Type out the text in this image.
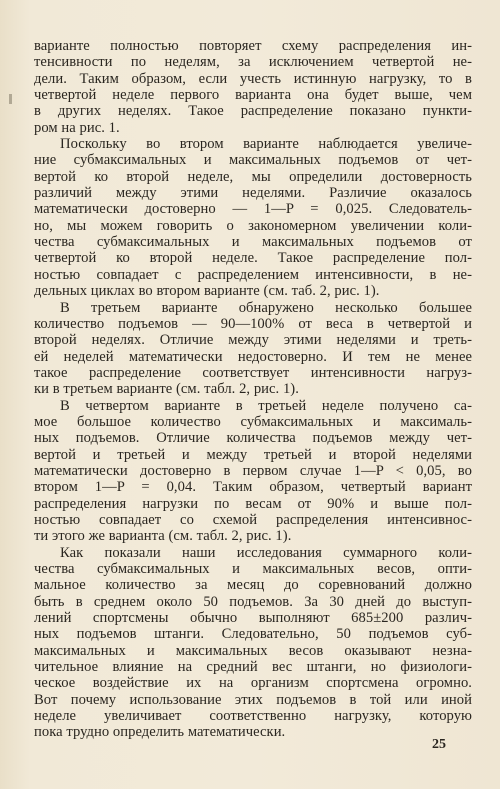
варианте полностью повторяет схему распределения ин-
тенсивности по неделям, за исключением четвертой не-
дели. Таким образом, если учесть истинную нагрузку, то в
четвертой неделе первого варианта она будет выше, чем
в других неделях. Такое распределение показано пункти-
ром на рис. 1.
Поскольку во втором варианте наблюдается увеличе-
ние субмаксимальных и максимальных подъемов от чет-
вертой ко второй неделе, мы определили достоверность
различий между этими неделями. Различие оказалось
математически достоверно — 1—P = 0,025. Следователь-
но, мы можем говорить о закономерном увеличении коли-
чества субмаксимальных и максимальных подъемов от
четвертой ко второй неделе. Такое распределение пол-
ностью совпадает с распределением интенсивности, в не-
дельных циклах во втором варианте (см. таб. 2, рис. 1).
В третьем варианте обнаружено несколько большее
количество подъемов — 90—100% от веса в четвертой и
второй неделях. Отличие между этими неделями и треть-
ей неделей математически недостоверно. И тем не менее
такое распределение соответствует интенсивности нагруз-
ки в третьем варианте (см. табл. 2, рис. 1).
В четвертом варианте в третьей неделе получено са-
мое большое количество субмаксимальных и максималь-
ных подъемов. Отличие количества подъемов между чет-
вертой и третьей и между третьей и второй неделями
математически достоверно в первом случае 1—P < 0,05, во
втором 1—P = 0,04. Таким образом, четвертый вариант
распределения нагрузки по весам от 90% и выше пол-
ностью совпадает со схемой распределения интенсивнос-
ти этого же варианта (см. табл. 2, рис. 1).
Как показали наши исследования суммарного коли-
чества субмаксимальных и максимальных весов, опти-
мальное количество за месяц до соревнований должно
быть в среднем около 50 подъемов. За 30 дней до выступ-
лений спортсмены обычно выполняют 685±200 различ-
ных подъемов штанги. Следовательно, 50 подъемов суб-
максимальных и максимальных весов оказывают незна-
чительное влияние на средний вес штанги, но физиологи-
ческое воздействие их на организм спортсмена огромно.
Вот почему использование этих подъемов в той или иной
неделе увеличивает соответственно нагрузку, которую
пока трудно определить математически.
25
